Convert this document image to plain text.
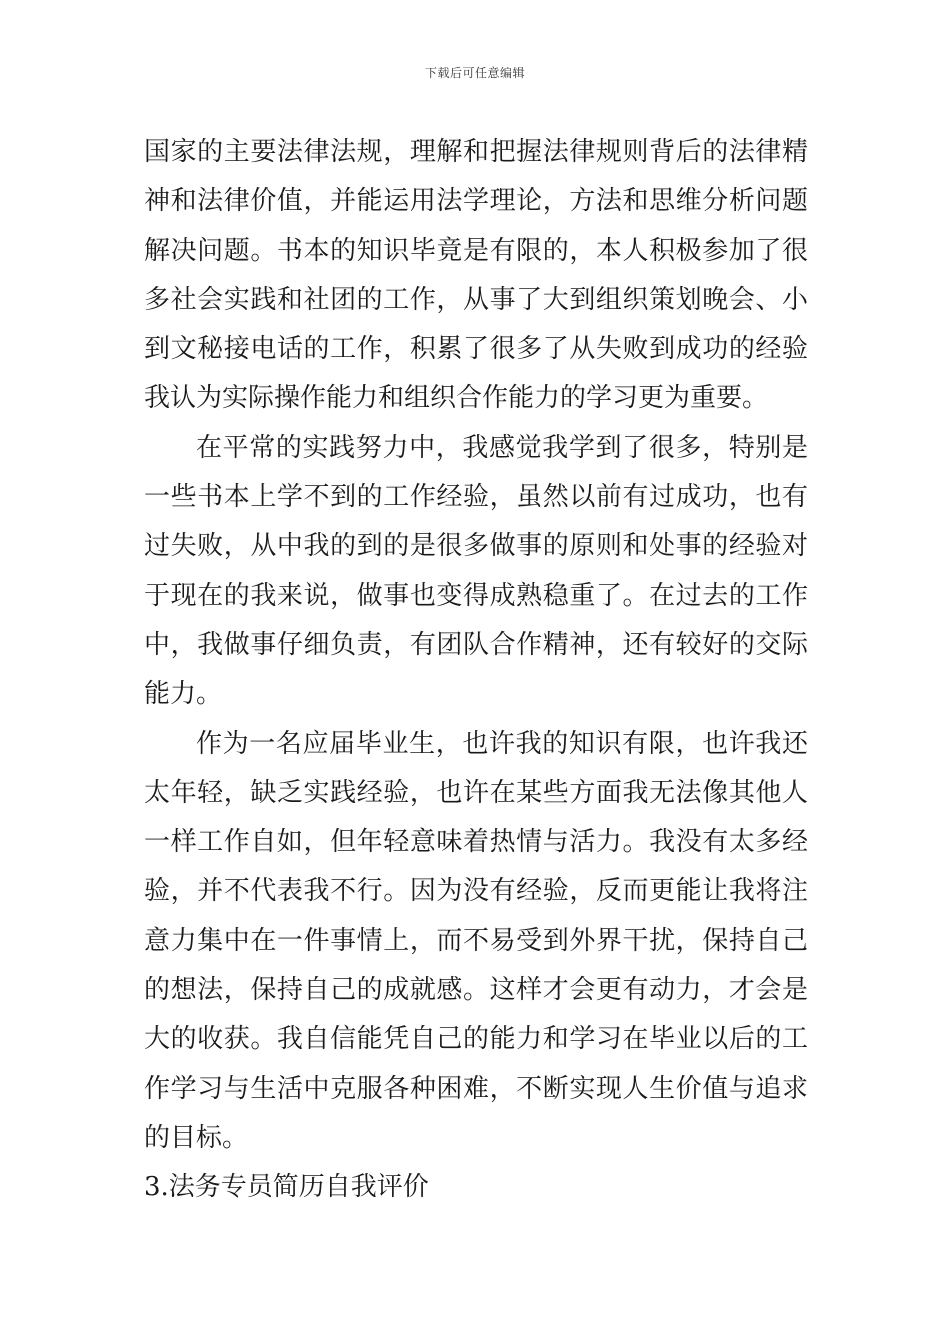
下载后可任意编辑

国家的主要法律法规，理解和把握法律规则背后的法律精神和法律价值，并能运用法学理论，方法和思维分析问题解决问题。书本的知识毕竟是有限的，本人积极参加了很多社会实践和社团的工作，从事了大到组织策划晚会、小到文秘接电话的工作，积累了很多了从失败到成功的经验我认为实际操作能力和组织合作能力的学习更为重要。

在平常的实践努力中，我感觉我学到了很多，特别是一些书本上学不到的工作经验，虽然以前有过成功，也有过失败，从中我的到的是很多做事的原则和处事的经验对于现在的我来说，做事也变得成熟稳重了。在过去的工作中，我做事仔细负责，有团队合作精神，还有较好的交际能力。

作为一名应届毕业生，也许我的知识有限，也许我还太年轻，缺乏实践经验，也许在某些方面我无法像其他人一样工作自如，但年轻意味着热情与活力。我没有太多经验，并不代表我不行。因为没有经验，反而更能让我将注意力集中在一件事情上，而不易受到外界干扰，保持自己的想法，保持自己的成就感。这样才会更有动力，才会是大的收获。我自信能凭自己的能力和学习在毕业以后的工作学习与生活中克服各种困难，不断实现人生价值与追求的目标。

3.法务专员简历自我评价
